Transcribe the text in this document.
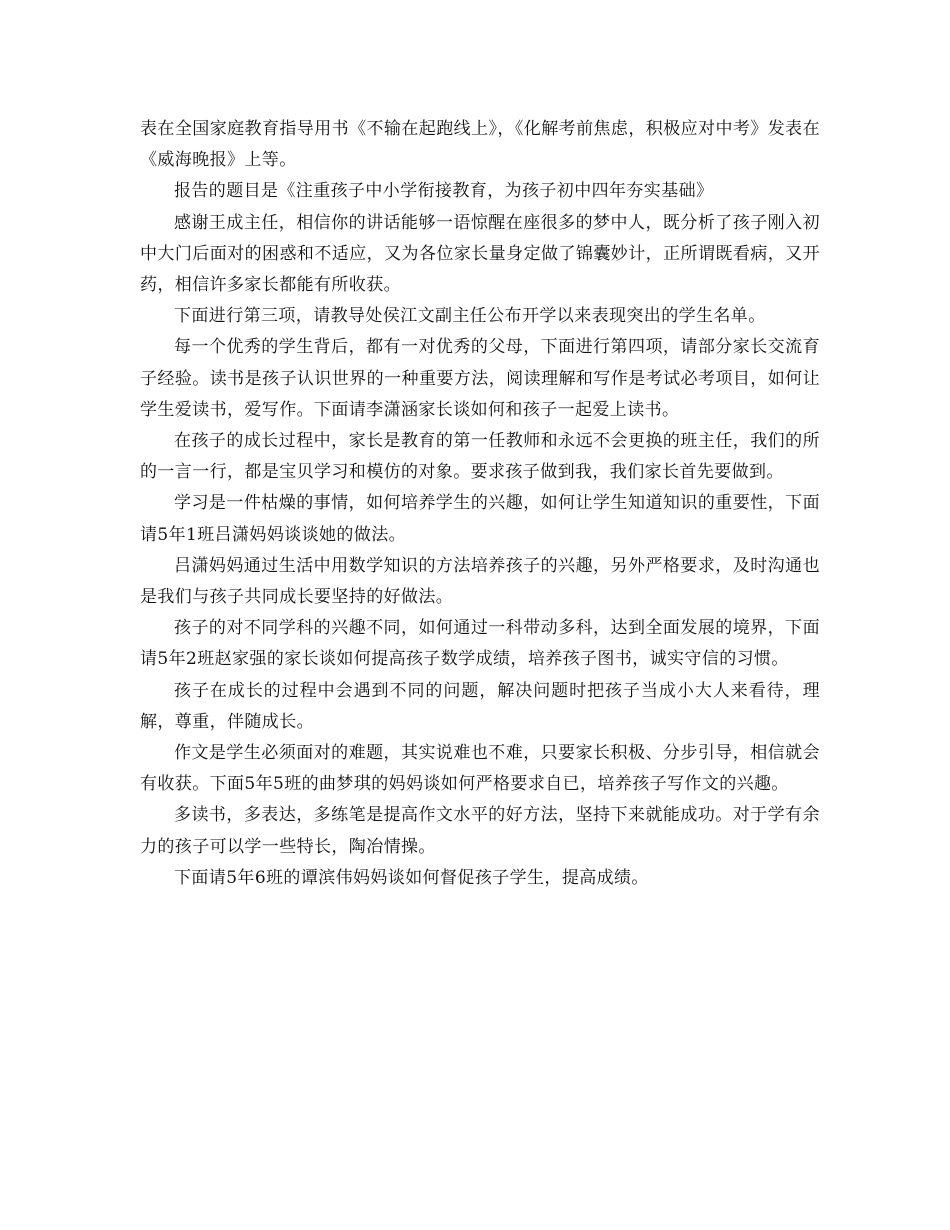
表在全国家庭教育指导用书《不输在起跑线上》，《化解考前焦虑，积极应对中考》发表在《威海晚报》上等。

报告的题目是《注重孩子中小学衔接教育，为孩子初中四年夯实基础》

感谢王成主任，相信你的讲话能够一语惊醒在座很多的梦中人，既分析了孩子刚入初中大门后面对的困惑和不适应，又为各位家长量身定做了锦囊妙计，正所谓既看病，又开药，相信许多家长都能有所收获。

下面进行第三项，请教导处侯江文副主任公布开学以来表现突出的学生名单。

每一个优秀的学生背后，都有一对优秀的父母，下面进行第四项，请部分家长交流育子经验。读书是孩子认识世界的一种重要方法，阅读理解和写作是考试必考项目，如何让学生爱读书，爱写作。下面请李潇涵家长谈如何和孩子一起爱上读书。

在孩子的成长过程中，家长是教育的第一任教师和永远不会更换的班主任，我们的所的一言一行，都是宝贝学习和模仿的对象。要求孩子做到我，我们家长首先要做到。

学习是一件枯燥的事情，如何培养学生的兴趣，如何让学生知道知识的重要性，下面请5年1班吕潇妈妈谈谈她的做法。

吕潇妈妈通过生活中用数学知识的方法培养孩子的兴趣，另外严格要求，及时沟通也是我们与孩子共同成长要坚持的好做法。

孩子的对不同学科的兴趣不同，如何通过一科带动多科，达到全面发展的境界，下面请5年2班赵家强的家长谈如何提高孩子数学成绩，培养孩子图书，诚实守信的习惯。

孩子在成长的过程中会遇到不同的问题，解决问题时把孩子当成小大人来看待，理解，尊重，伴随成长。

作文是学生必须面对的难题，其实说难也不难，只要家长积极、分步引导，相信就会有收获。下面5年5班的曲梦琪的妈妈谈如何严格要求自已，培养孩子写作文的兴趣。

多读书，多表达，多练笔是提高作文水平的好方法，坚持下来就能成功。对于学有余力的孩子可以学一些特长，陶冶情操。

下面请5年6班的谭滨伟妈妈谈如何督促孩子学生，提高成绩。
